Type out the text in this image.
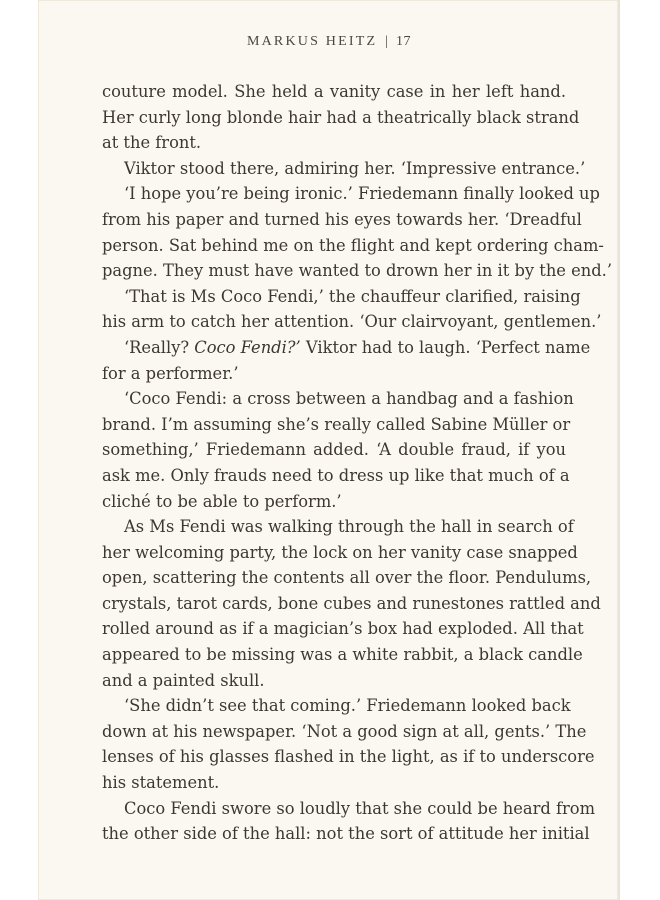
MARKUS HEITZ | 17
couture model. She held a vanity case in her left hand.
Her curly long blonde hair had a theatrically black strand
at the front.
Viktor stood there, admiring her. ‘Impressive entrance.’
‘I hope you’re being ironic.’ Friedemann finally looked up
from his paper and turned his eyes towards her. ‘Dreadful
person. Sat behind me on the flight and kept ordering cham-
pagne. They must have wanted to drown her in it by the end.’
‘That is Ms Coco Fendi,’ the chauffeur clarified, raising
his arm to catch her attention. ‘Our clairvoyant, gentlemen.’
‘Really? Coco Fendi?’ Viktor had to laugh. ‘Perfect name
for a performer.’
‘Coco Fendi: a cross between a handbag and a fashion
brand. I’m assuming she’s really called Sabine Müller or
something,’ Friedemann added. ‘A double fraud, if you
ask me. Only frauds need to dress up like that much of a
cliché to be able to perform.’
As Ms Fendi was walking through the hall in search of
her welcoming party, the lock on her vanity case snapped
open, scattering the contents all over the floor. Pendulums,
crystals, tarot cards, bone cubes and runestones rattled and
rolled around as if a magician’s box had exploded. All that
appeared to be missing was a white rabbit, a black candle
and a painted skull.
‘She didn’t see that coming.’ Friedemann looked back
down at his newspaper. ‘Not a good sign at all, gents.’ The
lenses of his glasses flashed in the light, as if to underscore
his statement.
Coco Fendi swore so loudly that she could be heard from
the other side of the hall: not the sort of attitude her initial
